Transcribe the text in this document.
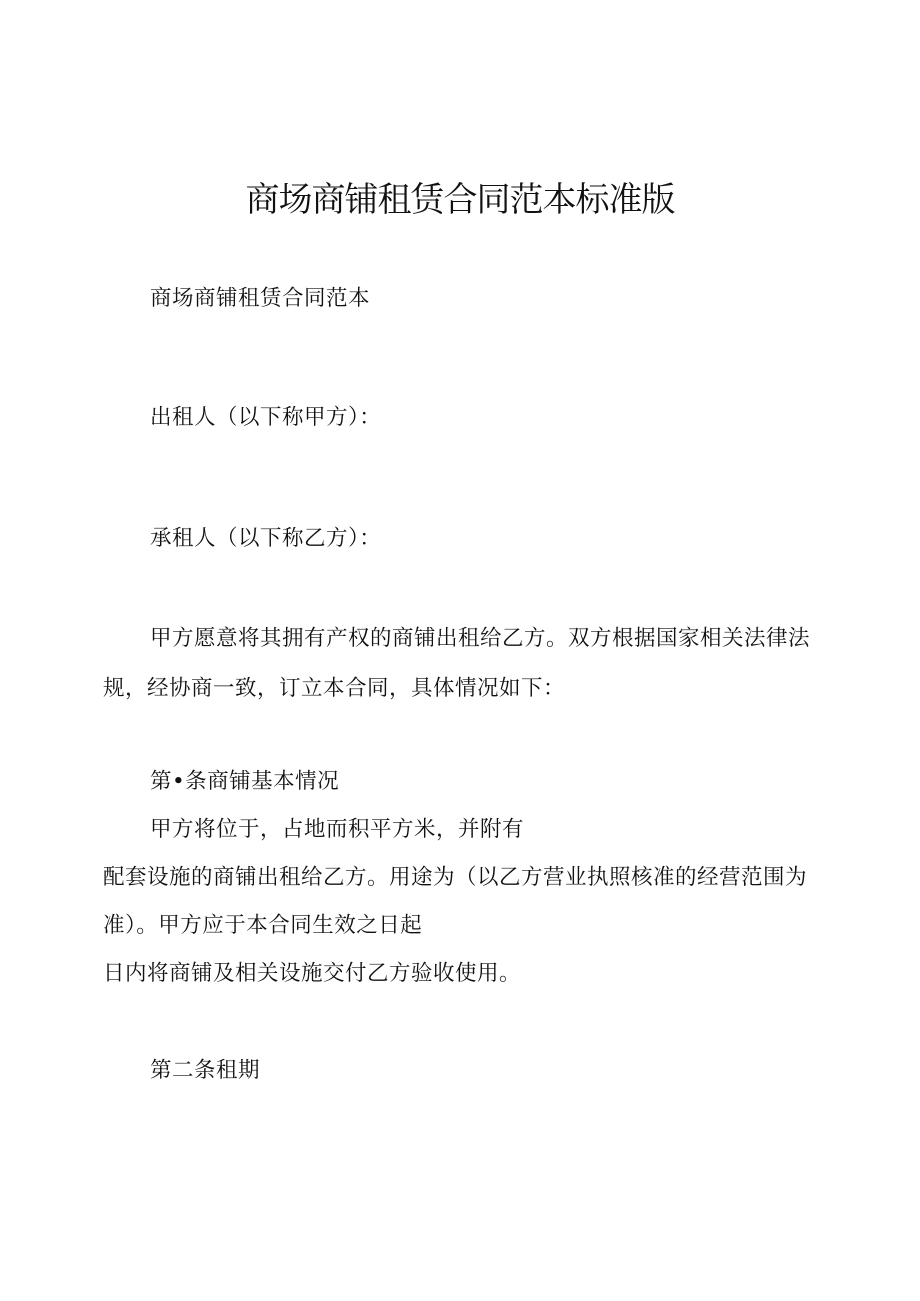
商场商铺租赁合同范本标准版
商场商铺租赁合同范本
出租人（以下称甲方）：
承租人（以下称乙方）：
甲方愿意将其拥有产权的商铺出租给乙方。双方根据国家相关法律法
规，经协商一致，订立本合同，具体情况如下：
第•条商铺基本情况
甲方将位于，占地而积平方米，并附有
配套设施的商铺出租给乙方。用途为（以乙方营业执照核准的经营范围为
准）。甲方应于本合同生效之日起
日内将商铺及相关设施交付乙方验收使用。
第二条租期
